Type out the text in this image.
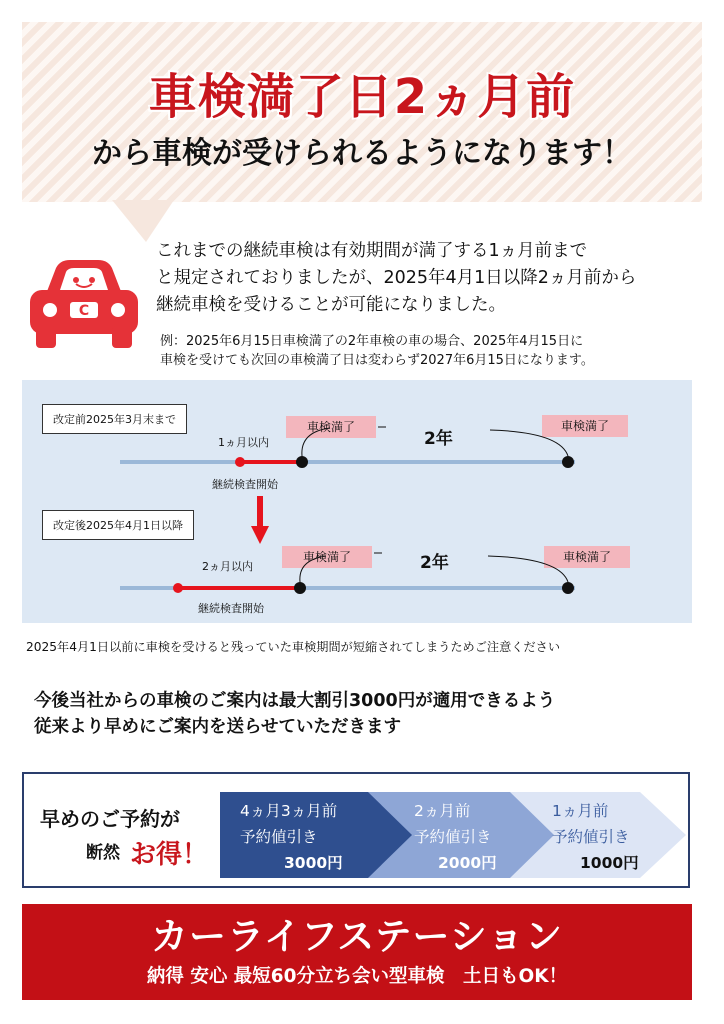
車検満了日2ヵ月前
から車検が受けられるようになります！
C
これまでの継続車検は有効期間が満了する1ヵ月前まで
と規定されておりましたが、2025年4月1日以降2ヵ月前から
継続車検を受けることが可能になりました。
例：2025年6月15日車検満了の2年車検の車の場合、2025年4月15日に
車検を受けても次回の車検満了日は変わらず2027年6月15日になります。
改定前2025年3月末まで
1ヵ月以内
車検満了
2年
車検満了
継続検査開始
改定後2025年4月1日以降
2ヵ月以内
車検満了	2年	車検満了
継続検査開始
2025年4月1日以前に車検を受けると残っていた車検期間が短縮されてしまうためご注意ください
今後当社からの車検のご案内は最大割引3000円が適用できるよう
従来より早めにご案内を送らせていただきます
早めのご予約が
断然 お得！
4ヵ月3ヵ月前
予約値引き
3000円
2ヵ月前
予約値引き
2000円
1ヵ月前
予約値引き
1000円
カーライフステーション
納得 安心 最短60分立ち会い型車検　土日もOK！
